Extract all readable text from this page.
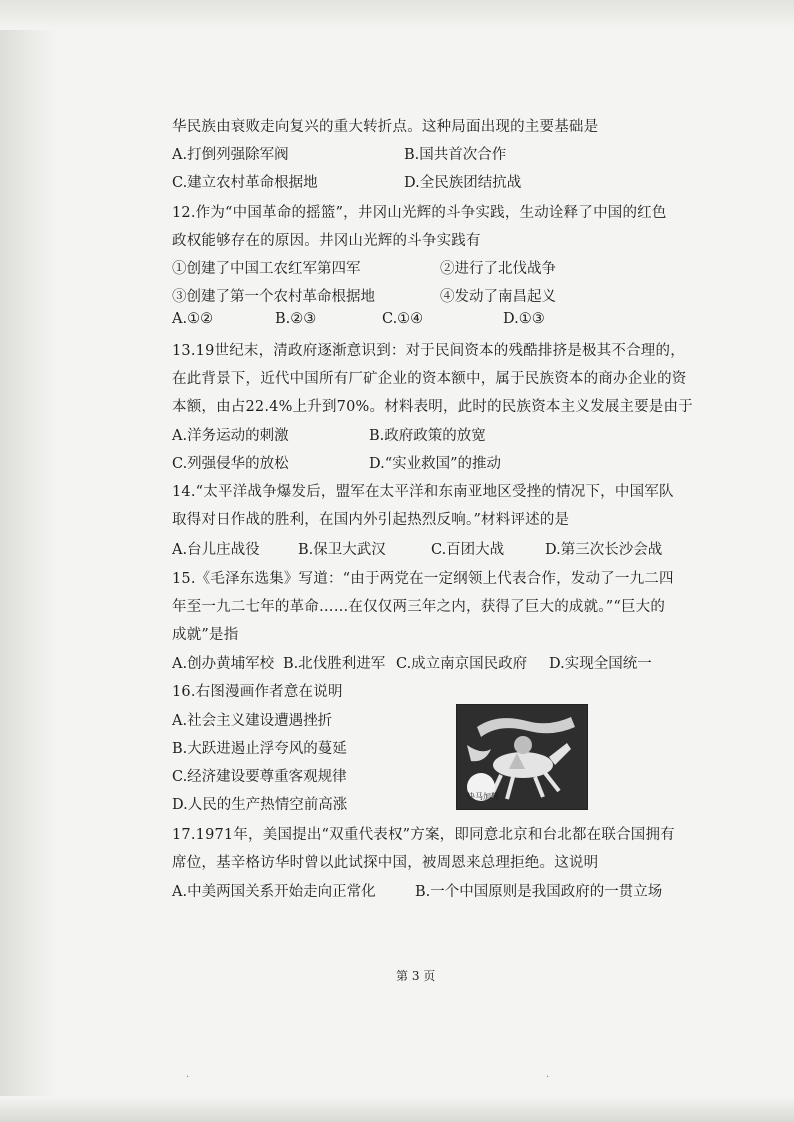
华民族由衰败走向复兴的重大转折点。这种局面出现的主要基础是
A.打倒列强除军阀	B.国共首次合作
C.建立农村革命根据地	D.全民族团结抗战
12.作为“中国革命的摇篮”，井冈山光辉的斗争实践，生动诠释了中国的红色
政权能够存在的原因。井冈山光辉的斗争实践有
①创建了中国工农红军第四军	②进行了北伐战争
③创建了第一个农村革命根据地	④发动了南昌起义
A.①②	B.②③	C.①④	D.①③
13.19世纪末，清政府逐渐意识到：对于民间资本的残酷排挤是极其不合理的，
在此背景下，近代中国所有厂矿企业的资本额中，属于民族资本的商办企业的资
本额，由占22.4%上升到70%。材料表明，此时的民族资本主义发展主要是由于
A.洋务运动的刺激	B.政府政策的放宽
C.列强侵华的放松	D.“实业救国”的推动
14.“太平洋战争爆发后，盟军在太平洋和东南亚地区受挫的情况下，中国军队
取得对日作战的胜利，在国内外引起热烈反响。”材料评述的是
A.台儿庄战役	B.保卫大武汉	C.百团大战	D.第三次长沙会战
15.《毛泽东选集》写道：“由于两党在一定纲领上代表合作，发动了一九二四
年至一九二七年的革命……在仅仅两三年之内，获得了巨大的成就。”“巨大的
成就”是指
A.创办黄埔军校 B.北伐胜利进军 C.成立南京国民政府 D.实现全国统一
16.右图漫画作者意在说明
A.社会主义建设遭遇挫折
B.大跃进遏止浮夸风的蔓延
C.经济建设要尊重客观规律
D.人民的生产热情空前高涨
快马加鞭
17.1971年，美国提出“双重代表权”方案，即同意北京和台北都在联合国拥有
席位，基辛格访华时曾以此试探中国，被周恩来总理拒绝。这说明
A.中美两国关系开始走向正常化	B.一个中国原则是我国政府的一贯立场
第 3 页
·	·
